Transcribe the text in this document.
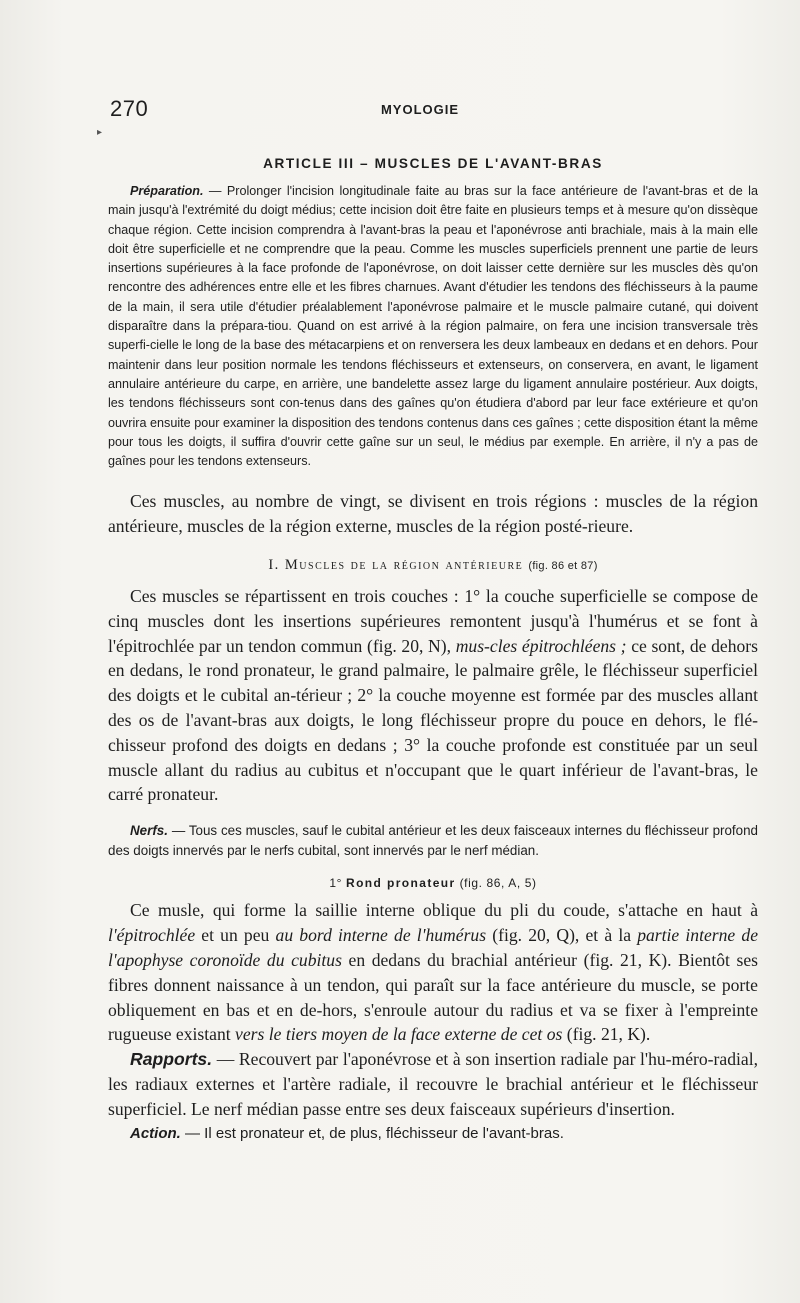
270	MYOLOGIE
▸
ARTICLE III – MUSCLES DE L'AVANT-BRAS

Préparation. — Prolonger l'incision longitudinale faite au bras sur la face antérieure de l'avant-bras et de la main jusqu'à l'extrémité du doigt médius; cette incision doit être faite en plusieurs temps et à mesure qu'on dissèque chaque région. Cette incision comprendra à l'avant-bras la peau et l'aponévrose anti brachiale, mais à la main elle doit être superficielle et ne comprendre que la peau. Comme les muscles superficiels prennent une partie de leurs insertions supérieures à la face profonde de l'aponévrose, on doit laisser cette dernière sur les muscles dès qu'on rencontre des adhérences entre elle et les fibres charnues. Avant d'étudier les tendons des fléchisseurs à la paume de la main, il sera utile d'étudier préalablement l'aponévrose palmaire et le muscle palmaire cutané, qui doivent disparaître dans la prépara-tiou. Quand on est arrivé à la région palmaire, on fera une incision transversale très superfi-cielle le long de la base des métacarpiens et on renversera les deux lambeaux en dedans et en dehors. Pour maintenir dans leur position normale les tendons fléchisseurs et extenseurs, on conservera, en avant, le ligament annulaire antérieure du carpe, en arrière, une bandelette assez large du ligament annulaire postérieur. Aux doigts, les tendons fléchisseurs sont con-tenus dans des gaînes qu'on étudiera d'abord par leur face extérieure et qu'on ouvrira ensuite pour examiner la disposition des tendons contenus dans ces gaînes ; cette disposition étant la même pour tous les doigts, il suffira d'ouvrir cette gaîne sur un seul, le médius par exemple. En arrière, il n'y a pas de gaînes pour les tendons extenseurs.

Ces muscles, au nombre de vingt, se divisent en trois régions : muscles de la région antérieure, muscles de la région externe, muscles de la région posté-rieure.

I. Muscles de la région antérieure (fig. 86 et 87)

Ces muscles se répartissent en trois couches : 1° la couche superficielle se compose de cinq muscles dont les insertions supérieures remontent jusqu'à l'humérus et se font à l'épitrochlée par un tendon commun (fig. 20, N), mus-cles épitrochléens ; ce sont, de dehors en dedans, le rond pronateur, le grand palmaire, le palmaire grêle, le fléchisseur superficiel des doigts et le cubital an-térieur ; 2° la couche moyenne est formée par des muscles allant des os de l'avant-bras aux doigts, le long fléchisseur propre du pouce en dehors, le flé-chisseur profond des doigts en dedans ; 3° la couche profonde est constituée par un seul muscle allant du radius au cubitus et n'occupant que le quart inférieur de l'avant-bras, le carré pronateur.

Nerfs. — Tous ces muscles, sauf le cubital antérieur et les deux faisceaux internes du fléchisseur profond des doigts innervés par le nerfs cubital, sont innervés par le nerf médian.

1° Rond pronateur (fig. 86, A, 5)

Ce musle, qui forme la saillie interne oblique du pli du coude, s'attache en haut à l'épitrochlée et un peu au bord interne de l'humérus (fig. 20, Q), et à la partie interne de l'apophyse coronoïde du cubitus en dedans du brachial antérieur (fig. 21, K). Bientôt ses fibres donnent naissance à un tendon, qui paraît sur la face antérieure du muscle, se porte obliquement en bas et en de-hors, s'enroule autour du radius et va se fixer à l'empreinte rugueuse existant vers le tiers moyen de la face externe de cet os (fig. 21, K).

Rapports. — Recouvert par l'aponévrose et à son insertion radiale par l'hu-méro-radial, les radiaux externes et l'artère radiale, il recouvre le brachial antérieur et le fléchisseur superficiel. Le nerf médian passe entre ses deux faisceaux supérieurs d'insertion.

Action. — Il est pronateur et, de plus, fléchisseur de l'avant-bras.
